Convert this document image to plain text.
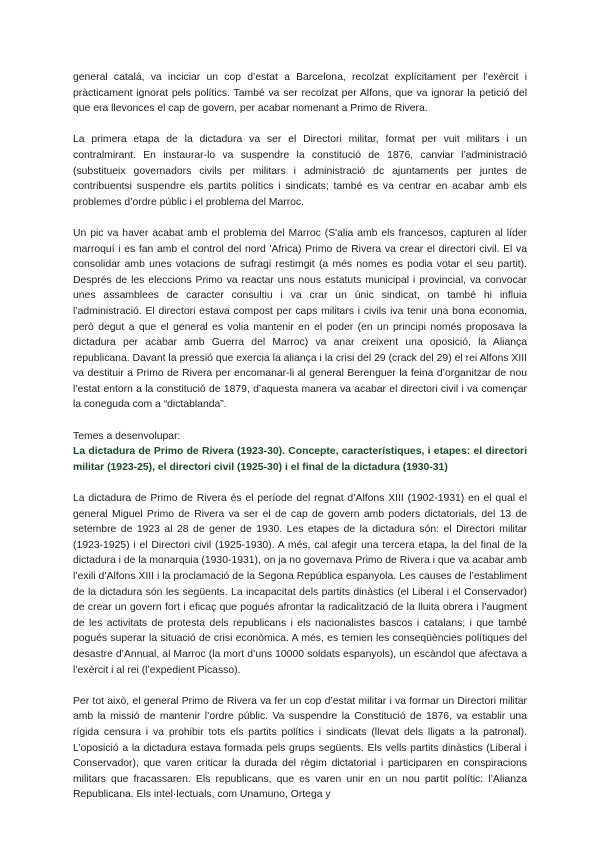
general catalá, va inciciar un cop d’estat a Barcelona, recolzat explícitament per l’exèrcit i pràcticament ignorat pels polítics. També va ser recolzat per Alfons, que va ignorar la petició del que era llevonces el cap de govern, per acabar nomenant a Primo de Rivera.

La primera etapa de la dictadura va ser el Directori militar, format per vuit militars i un contralmirant. En instaurar-lo va suspendre la constitució de 1876, canviar l’administració (substitueix governadors civils per militars i administració dc ajuntaments per juntes de contribuentsi suspendre els partits polítics i sindicats; també es va centrar en acabar amb els problemes d’ordre públic i el problema del Marroc.

Un pic va haver acabat amb el problema del Marroc (S'alia amb els francesos, capturen al líder marroquí i es fan amb el control del nord 'Africa) Primo de Rivera va crear el directori civil. El va consolidar amb unes votacions de sufragi restimgit (a més nomes es podia votar el seu partit). Després de les eleccions Primo va reactar uns nous estatuts municipal i provincial, va convocar unes assamblees de caracter consultiu i va crar un únic sindicat, on també hi influia l’administració. El directori estava compost per caps militars i civils iva tenir una bona economia, però degut a que el general es volia mantenir en el poder (en un principi només proposava la dictadura per acabar amb Guerra del Marroc) va anar creixent una oposició, la Aliança republicana. Davant la pressió que exercia la aliança i la crisi del 29 (crack del 29) el rei Alfons XIII va destituir a Primo de Rivera per encomanar-li al general Berenguer la feina d’organitzar de nou l’estat entorn a la constitució de 1879, d’aquesta manera va acabar el directori civil i va començar la coneguda com a “dictablanda”.

Temes a desenvolupar:

La dictadura de Primo de Rivera (1923-30). Concepte, característiques, i etapes: el directori militar (1923-25), el directori civil (1925-30) i el final de la dictadura (1930-31)

La dictadura de Primo de Rivera és el període del regnat d’Alfons XIII (1902-1931) en el qual el general Miguel Primo de Rivera va ser el de cap de govern amb poders dictatorials, del 13 de setembre de 1923 al 28 de gener de 1930. Les etapes de la dictadura són: el Directori militar (1923-1925) i el Directori civil (1925-1930). A més, cal afegir una tercera etapa, la del final de la dictadura i de la monarquia (1930-1931), on ja no governava Primo de Rivera i que va acabar amb l’exili d’Alfons XIII i la proclamació de la Segona República espanyola. Les causes de l’establiment de la dictadura són les següents. La incapacitat dels partits dinàstics (el Liberal i el Conservador) de crear un govern fort i eficaç que pogués afrontar la radicalització de la lluita obrera i l’augment de les activitats de protesta dels republicans i els nacionalistes bascos i catalans; i que també pogués superar la situació de crisi econòmica. A més, es temien les conseqüències polítiques del desastre d’Annual, al Marroc (la mort d’uns 10000 soldats espanyols), un escàndol que afectava a l’exèrcit i al rei (l’expedient Picasso).

Per tot això, el general Primo de Rivera va fer un cop d’estat militar i va formar un Directori militar amb la missió de mantenir l’ordre públic. Va suspendre la Constitució de 1876, va establir una rígida censura i va prohibir tots els partits polítics i sindicats (llevat dels lligats a la patronal). L’oposició a la dictadura estava formada pels grups següents. Els vells partits dinàstics (Liberal i Conservador), que varen criticar la durada del règim dictatorial i participaren en conspiracions militars que fracassaren. Els republicans, que es varen unir en un nou partit polític: l’Alianza Republicana. Els intel·lectuals, com Unamuno, Ortega y
